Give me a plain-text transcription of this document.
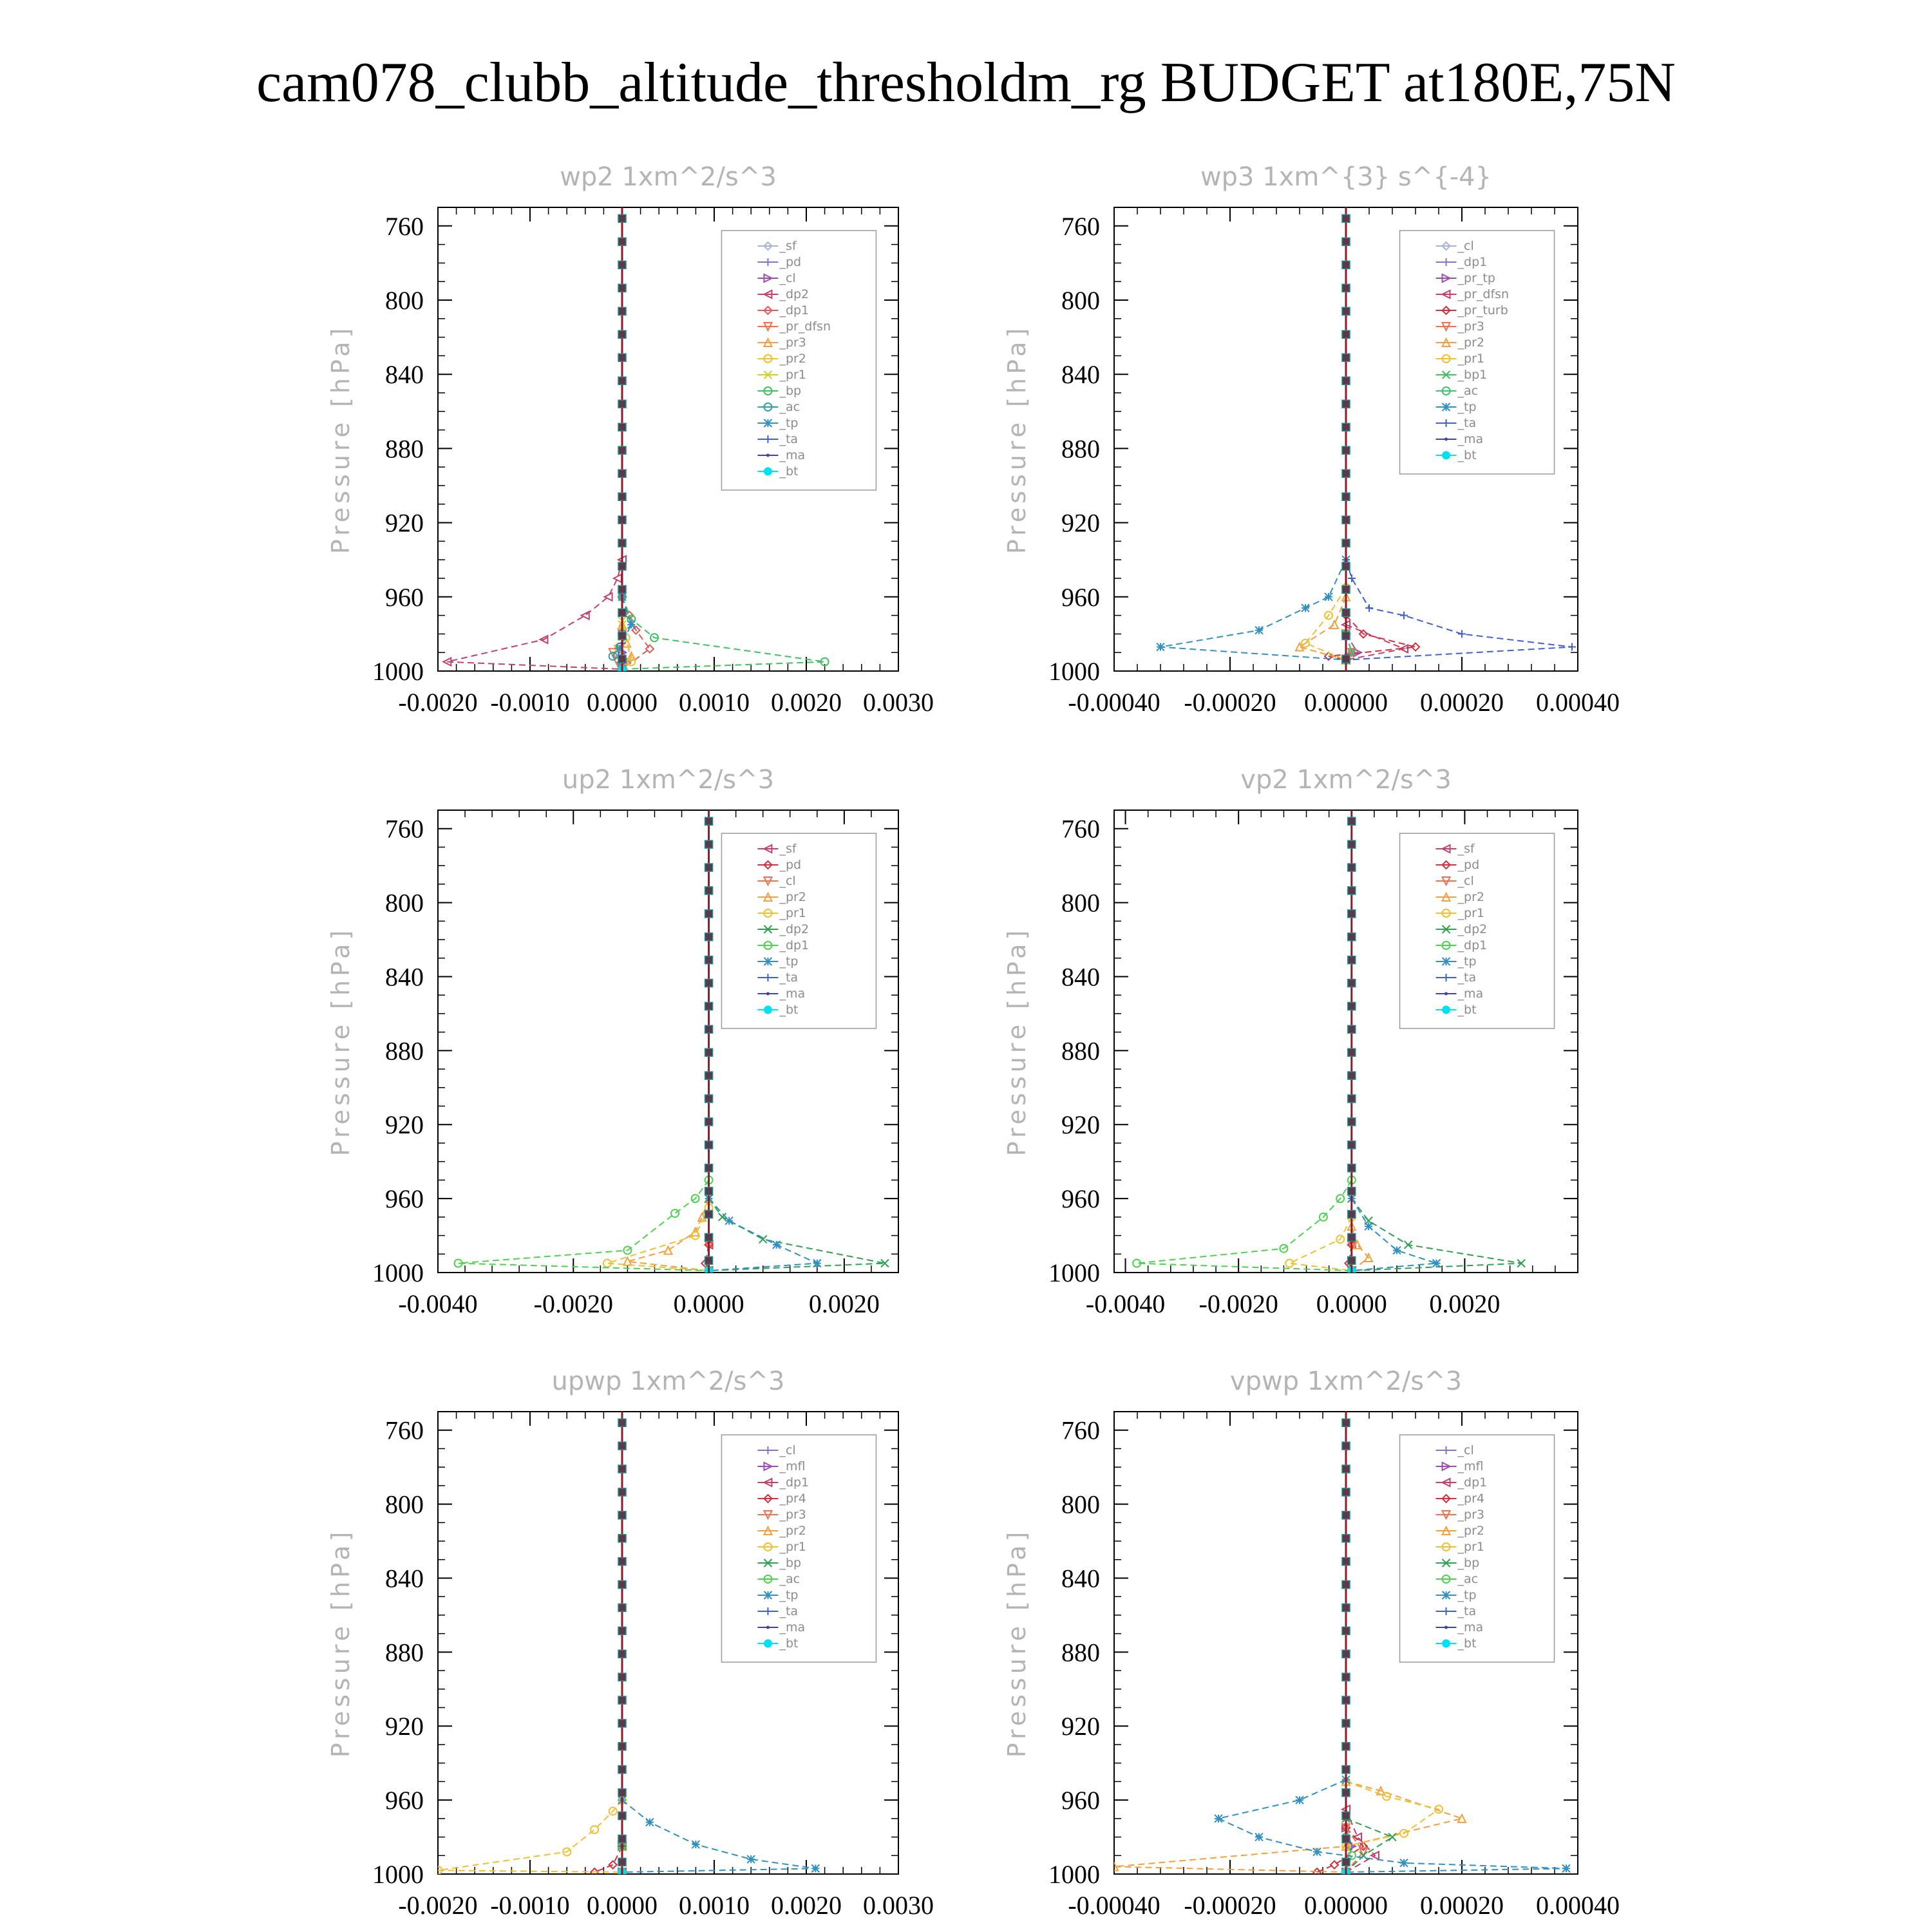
cam078_clubb_altitude_thresholdm_rg BUDGET at180E,75N
wp2 1xm^2/s^3
Pressure [hPa]
760
800
840
880
920
960
1000
-0.0020 -0.0010 0.0000 0.0010 0.0020 0.0030
_sf
_pd
_cl
_dp2
_dp1
_pr_dfsn
_pr3
_pr2
_pr1
_bp
_ac
_tp
_ta
_ma
_bt
wp3 1xm^{3} s^{-4}
Pressure [hPa]
760
800
840
880
920
960
1000
-0.00040 -0.00020 0.00000 0.00020 0.00040
_cl
_dp1
_pr_tp
_pr_dfsn
_pr_turb
_pr3
_pr2
_pr1
_bp1
_ac
_tp
_ta
_ma
_bt
up2 1xm^2/s^3
Pressure [hPa]
760
800
840
880
920
960
1000
-0.0040 -0.0020 0.0000	0.0020
_sf
_pd
_cl
_pr2
_pr1
_dp2
_dp1
_tp
_ta
_ma
_bt
vp2 1xm^2/s^3
Pressure [hPa]
760
800
840
880
920
960
1000
-0.0040 -0.0020 0.0000 0.0020
_sf
_pd
_cl
_pr2
_pr1
_dp2
_dp1
_tp
_ta
_ma
_bt
upwp 1xm^2/s^3
Pressure [hPa]
760
800
840
880
920
960
1000
-0.0020 -0.0010 0.0000 0.0010 0.0020 0.0030
_cl
_mfl
_dp1
_pr4
_pr3
_pr2
_pr1
_bp
_ac
_tp
_ta
_ma
_bt
vpwp 1xm^2/s^3
Pressure [hPa]
760
800
840
880
920
960
1000
-0.00040 -0.00020 0.00000 0.00020 0.00040
_cl
_mfl
_dp1
_pr4
_pr3
_pr2
_pr1
_bp
_ac
_tp
_ta
_ma
_bt
